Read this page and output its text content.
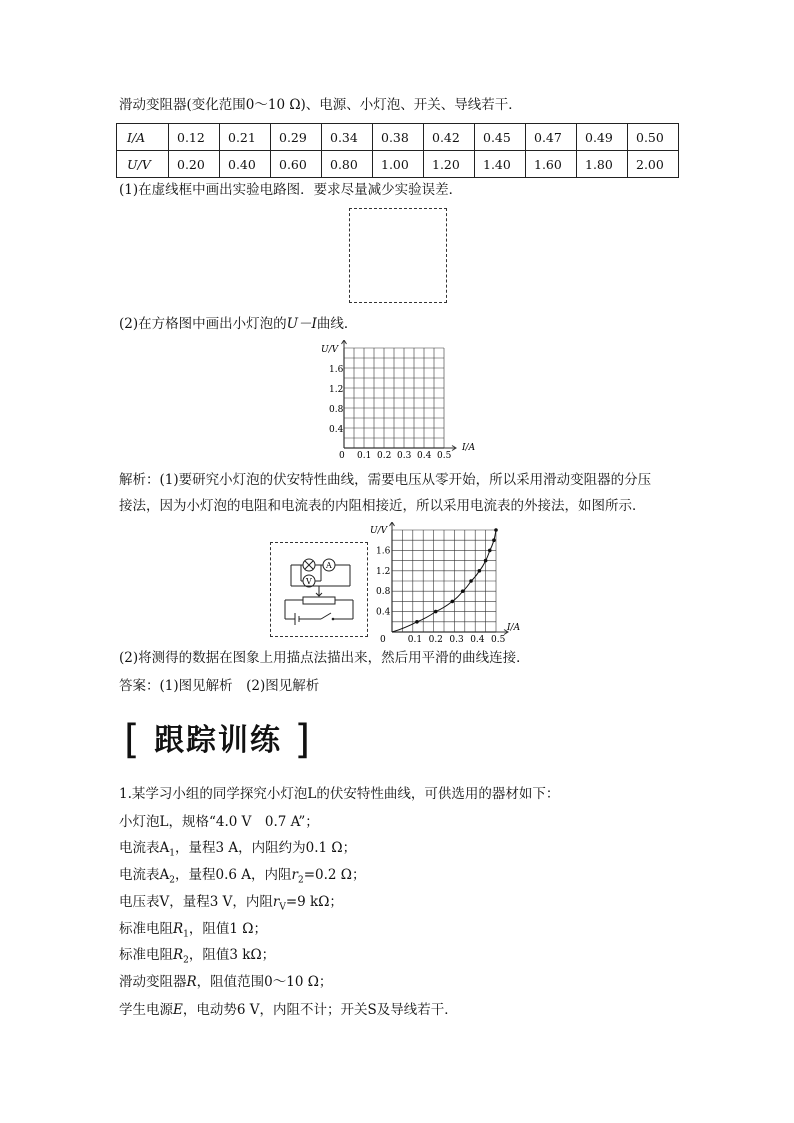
滑动变阻器(变化范围0～10 Ω)、电源、小灯泡、开关、导线若干．
I/A	0.12	0.21	0.29	0.34	0.38	0.42	0.45	0.47	0.49	0.50
U/V	0.20	0.40	0.60	0.80	1.00	1.20	1.40	1.60	1.80	2.00
(1)在虚线框中画出实验电路图．要求尽量减少实验误差．
(2)在方格图中画出小灯泡的U－I曲线．
U/V
I/A
0
1.6
1.2
0.8
0.4
0.1 0.2 0.3 0.4 0.5
解析：(1)要研究小灯泡的伏安特性曲线，需要电压从零开始，所以采用滑动变阻器的分压
接法，因为小灯泡的电阻和电流表的内阻相接近，所以采用电流表的外接法，如图所示．
A
V
0 0.1 0.2 0.3 0.4 0.5
0.4
0.8
1.2
1.6
U/V
I/A
(2)将测得的数据在图象上用描点法描出来，然后用平滑的曲线连接．
答案：(1)图见解析　(2)图见解析
[ 跟踪训练 ]
1.某学习小组的同学探究小灯泡L的伏安特性曲线，可供选用的器材如下：
小灯泡L，规格“4.0 V　0.7 A”；
电流表$A_1$，量程3 A，内阻约为0.1 Ω；
电流表$A_2$，量程0.6 A，内阻$r_2=0.2$ Ω；
电压表V，量程3 V，内阻$r_V=9$ kΩ；
标准电阻$R_1$，阻值1 Ω；
标准电阻$R_2$，阻值3 kΩ；
滑动变阻器R，阻值范围0～10 Ω；
学生电源E，电动势6 V，内阻不计；开关S及导线若干．
